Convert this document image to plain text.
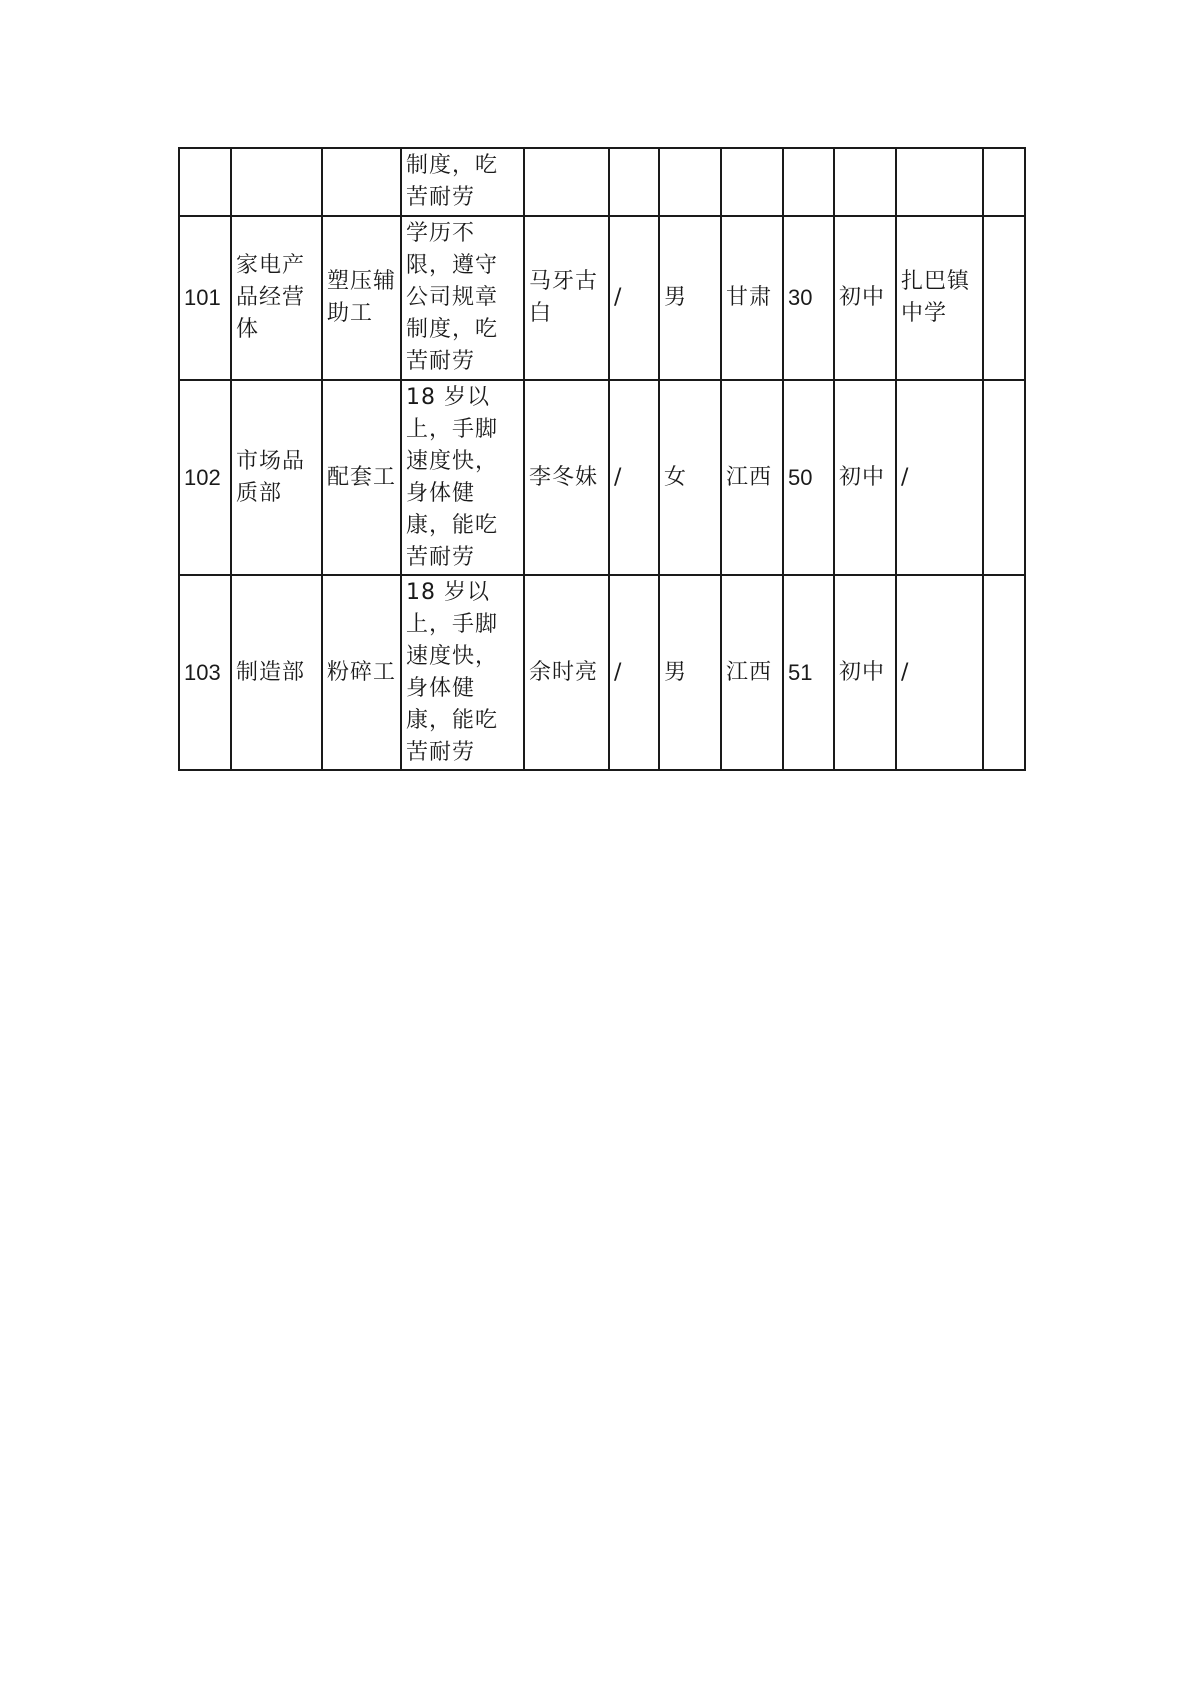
			制度，吃苦耐劳								
101	家电产品经营体	塑压辅助工	学历不限，遵守公司规章制度，吃苦耐劳	马牙古白	/	男	甘肃	30	初中	扎巴镇中学	
102	市场品质部	配套工	18 岁以上，手脚速度快，身体健康，能吃苦耐劳	李冬妹	/	女	江西	50	初中	/	
103	制造部	粉碎工	18 岁以上，手脚速度快，身体健康，能吃苦耐劳	余时亮	/	男	江西	51	初中	/	
